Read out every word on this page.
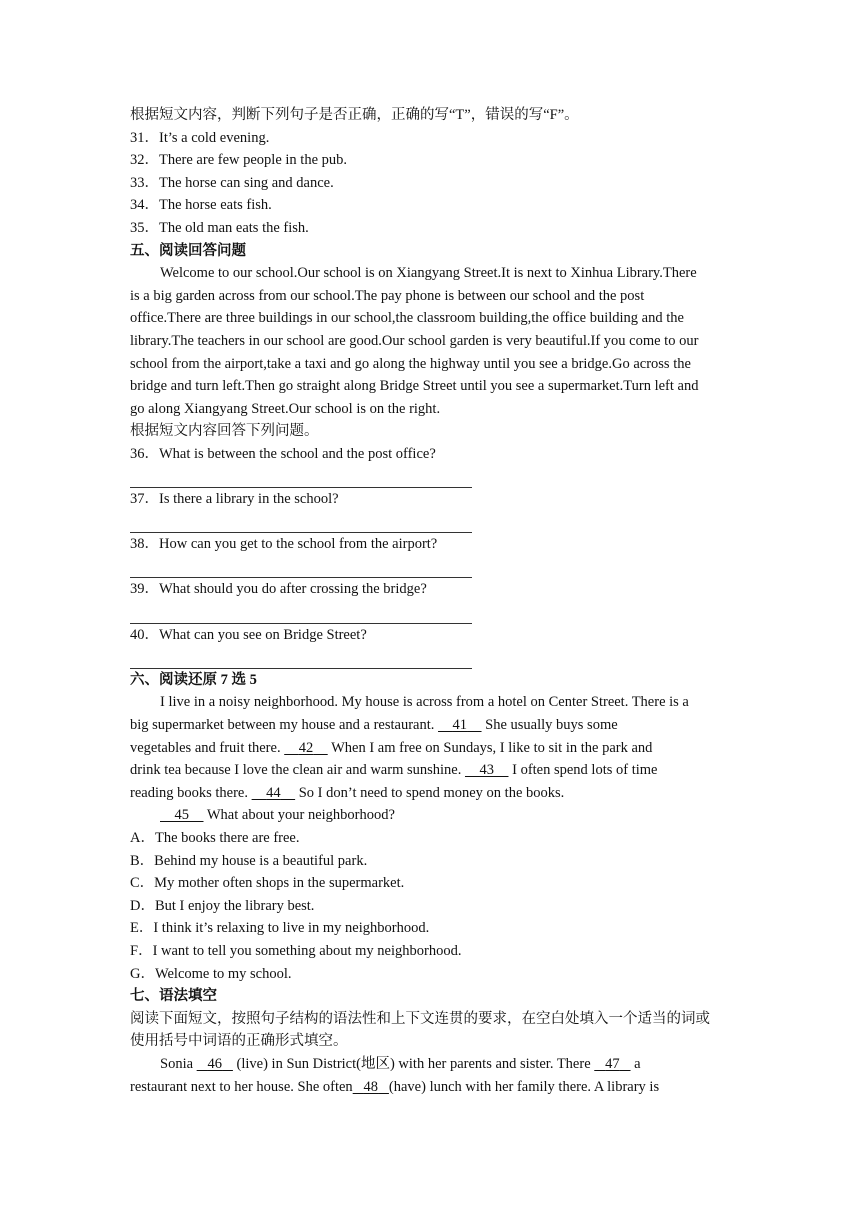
根据短文内容，判断下列句子是否正确，正确的写“T”，错误的写“F”。
31．It’s a cold evening.
32．There are few people in the pub.
33．The horse can sing and dance.
34．The horse eats fish.
35．The old man eats the fish.
五、阅读回答问题
Welcome to our school.Our school is on Xiangyang Street.It is next to Xinhua Library.There
is a big garden across from our school.The pay phone is between our school and the post
office.There are three buildings in our school,the classroom building,the office building and the
library.The teachers in our school are good.Our school garden is very beautiful.If you come to our
school from the airport,take a taxi and go along the highway until you see a bridge.Go across the
bridge and turn left.Then go straight along Bridge Street until you see a supermarket.Turn left and
go along Xiangyang Street.Our school is on the right.
根据短文内容回答下列问题。
36．What is between the school and the post office?
37．Is there a library in the school?
38．How can you get to the school from the airport?
39．What should you do after crossing the bridge?
40．What can you see on Bridge Street?
六、阅读还原 7 选 5
I live in a noisy neighborhood. My house is across from a hotel on Center Street. There is a
big supermarket between my house and a restaurant. 41 She usually buys some
vegetables and fruit there. 42 When I am free on Sundays, I like to sit in the park and
drink tea because I love the clean air and warm sunshine. 43 I often spend lots of time
reading books there. 44 So I don’t need to spend money on the books.
45 What about your neighborhood?
A．The books there are free.
B．Behind my house is a beautiful park.
C．My mother often shops in the supermarket.
D．But I enjoy the library best.
E．I think it’s relaxing to live in my neighborhood.
F．I want to tell you something about my neighborhood.
G．Welcome to my school.
七、语法填空
阅读下面短文，按照句子结构的语法性和上下文连贯的要求，在空白处填入一个适当的词或
使用括号中词语的正确形式填空。
Sonia 46 (live) in Sun District(地区) with her parents and sister. There 47 a
restaurant next to her house. She often 48 (have) lunch with her family there. A library is
